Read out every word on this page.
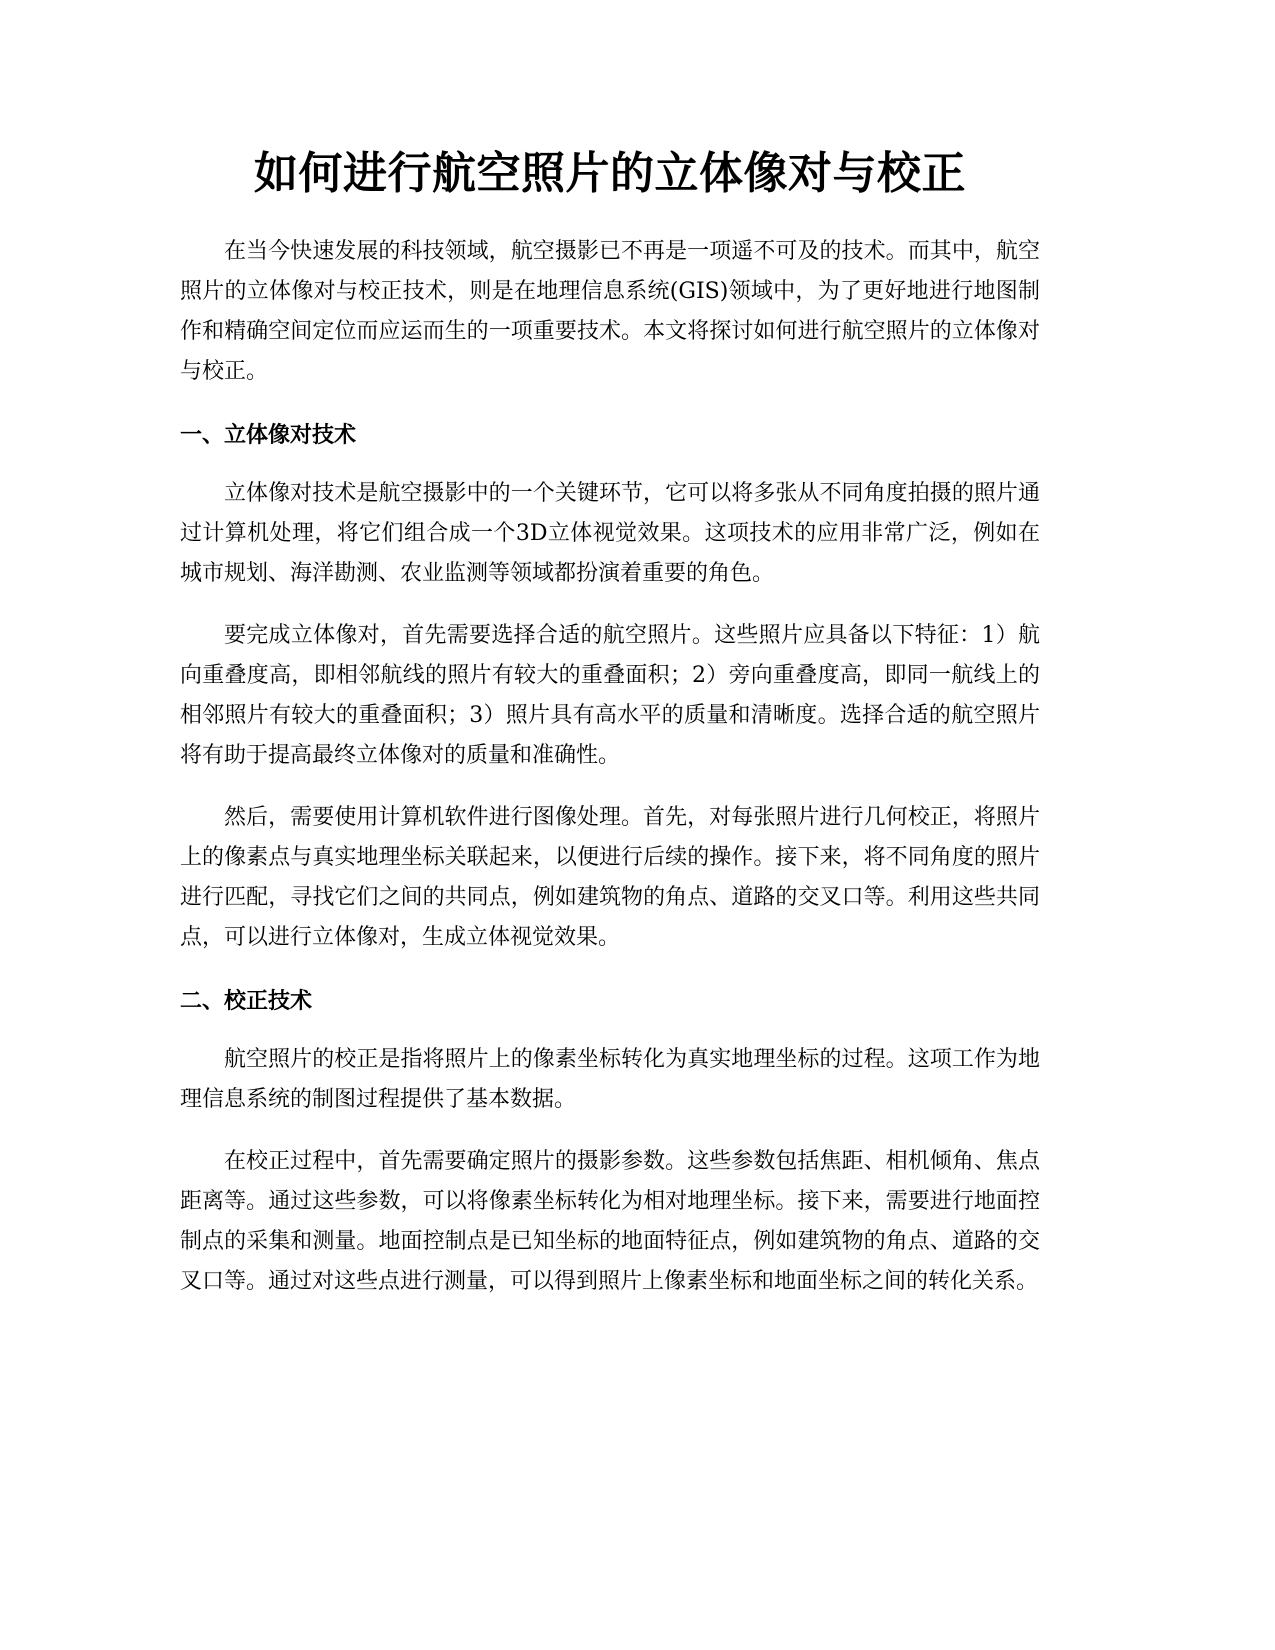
如何进行航空照片的立体像对与校正

在当今快速发展的科技领域，航空摄影已不再是一项遥不可及的技术。而其中，航空照片的立体像对与校正技术，则是在地理信息系统(GIS)领域中，为了更好地进行地图制作和精确空间定位而应运而生的一项重要技术。本文将探讨如何进行航空照片的立体像对与校正。

一、立体像对技术

立体像对技术是航空摄影中的一个关键环节，它可以将多张从不同角度拍摄的照片通过计算机处理，将它们组合成一个3D立体视觉效果。这项技术的应用非常广泛，例如在城市规划、海洋勘测、农业监测等领域都扮演着重要的角色。

要完成立体像对，首先需要选择合适的航空照片。这些照片应具备以下特征：1）航向重叠度高，即相邻航线的照片有较大的重叠面积；2）旁向重叠度高，即同一航线上的相邻照片有较大的重叠面积；3）照片具有高水平的质量和清晰度。选择合适的航空照片将有助于提高最终立体像对的质量和准确性。

然后，需要使用计算机软件进行图像处理。首先，对每张照片进行几何校正，将照片上的像素点与真实地理坐标关联起来，以便进行后续的操作。接下来，将不同角度的照片进行匹配，寻找它们之间的共同点，例如建筑物的角点、道路的交叉口等。利用这些共同点，可以进行立体像对，生成立体视觉效果。

二、校正技术

航空照片的校正是指将照片上的像素坐标转化为真实地理坐标的过程。这项工作为地理信息系统的制图过程提供了基本数据。

在校正过程中，首先需要确定照片的摄影参数。这些参数包括焦距、相机倾角、焦点距离等。通过这些参数，可以将像素坐标转化为相对地理坐标。接下来，需要进行地面控制点的采集和测量。地面控制点是已知坐标的地面特征点，例如建筑物的角点、道路的交叉口等。通过对这些点进行测量，可以得到照片上像素坐标和地面坐标之间的转化关系。
